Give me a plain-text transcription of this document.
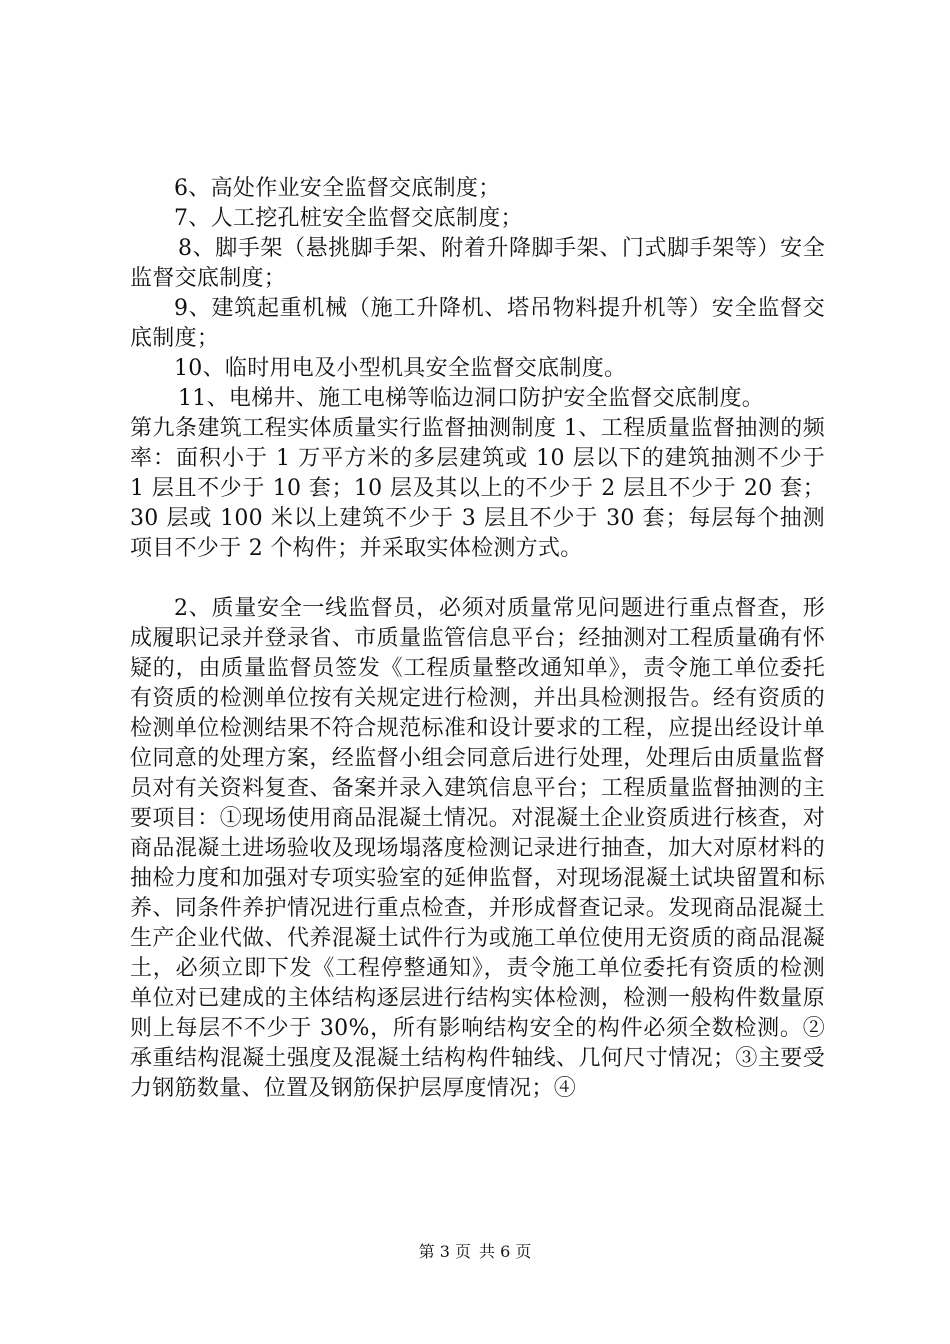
6、高处作业安全监督交底制度；

7、人工挖孔桩安全监督交底制度；

8、脚手架（悬挑脚手架、附着升降脚手架、门式脚手架等）安全监督交底制度；

9、建筑起重机械（施工升降机、塔吊物料提升机等）安全监督交底制度；

10、临时用电及小型机具安全监督交底制度。

11、电梯井、施工电梯等临边洞口防护安全监督交底制度。

第九条建筑工程实体质量实行监督抽测制度 1、工程质量监督抽测的频率：面积小于 1 万平方米的多层建筑或 10 层以下的建筑抽测不少于 1 层且不少于 10 套；10 层及其以上的不少于 2 层且不少于 20 套；30 层或 100 米以上建筑不少于 3 层且不少于 30 套；每层每个抽测项目不少于 2 个构件；并采取实体检测方式。

2、质量安全一线监督员，必须对质量常见问题进行重点督查，形成履职记录并登录省、市质量监管信息平台；经抽测对工程质量确有怀疑的，由质量监督员签发《工程质量整改通知单》，责令施工单位委托有资质的检测单位按有关规定进行检测，并出具检测报告。经有资质的检测单位检测结果不符合规范标准和设计要求的工程，应提出经设计单位同意的处理方案，经监督小组会同意后进行处理，处理后由质量监督员对有关资料复查、备案并录入建筑信息平台；工程质量监督抽测的主要项目：①现场使用商品混凝土情况。对混凝土企业资质进行核查，对商品混凝土进场验收及现场塌落度检测记录进行抽查，加大对原材料的抽检力度和加强对专项实验室的延伸监督，对现场混凝土试块留置和标养、同条件养护情况进行重点检查，并形成督查记录。发现商品混凝土生产企业代做、代养混凝土试件行为或施工单位使用无资质的商品混凝土，必须立即下发《工程停整通知》，责令施工单位委托有资质的检测单位对已建成的主体结构逐层进行结构实体检测，检测一般构件数量原则上每层不不少于 30%，所有影响结构安全的构件必须全数检测。②承重结构混凝土强度及混凝土结构构件轴线、几何尺寸情况；③主要受力钢筋数量、位置及钢筋保护层厚度情况；④

第 3 页 共 6 页
